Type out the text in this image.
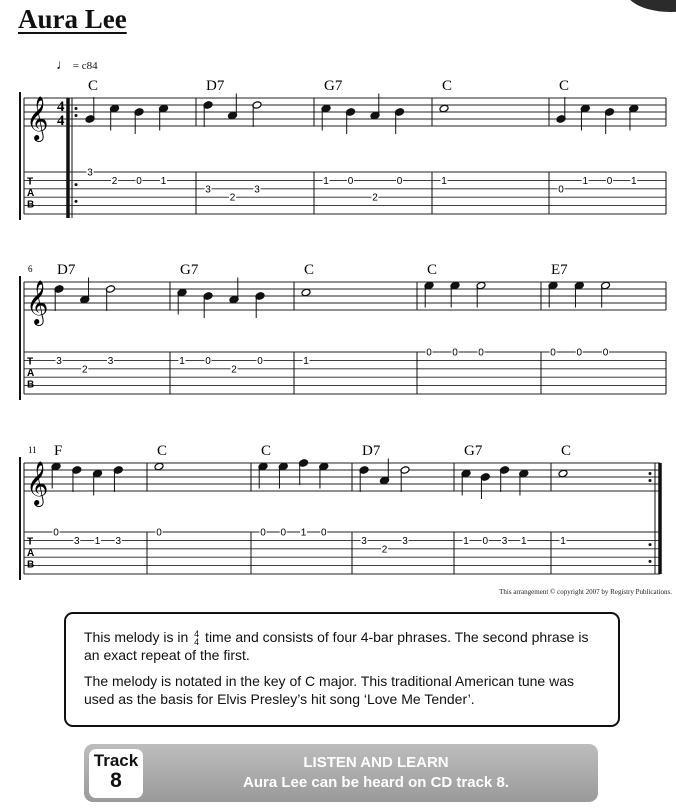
Aura Lee
♩ = c84
𝄞
T
A
B
4
4
C
3
2 0 1
D7
3
2
3
G7
1 0
2
0
C
1
C
0
1 0 1
𝄞
T
A
B
6 D7
3
2
3
G7
1 0
2
0
C
1
C
0 0 0
E7
0 0 0
𝄞
T
A
B
11 F
0
3 1 3
C
0
C
0 0 1 0
D7
3
2
3
G7
1 0 3 1
C
1
This arrangement © copyright 2007 by Registry Publications.

This melody is in 4
4 time and consists of four 4-bar phrases. The second phrase is an exact repeat of the first.

The melody is notated in the key of C major. This traditional American tune was used as the basis for Elvis Presley’s hit song ‘Love Me Tender’.

Track
8
LISTEN AND LEARN
Aura Lee can be heard on CD track 8.
